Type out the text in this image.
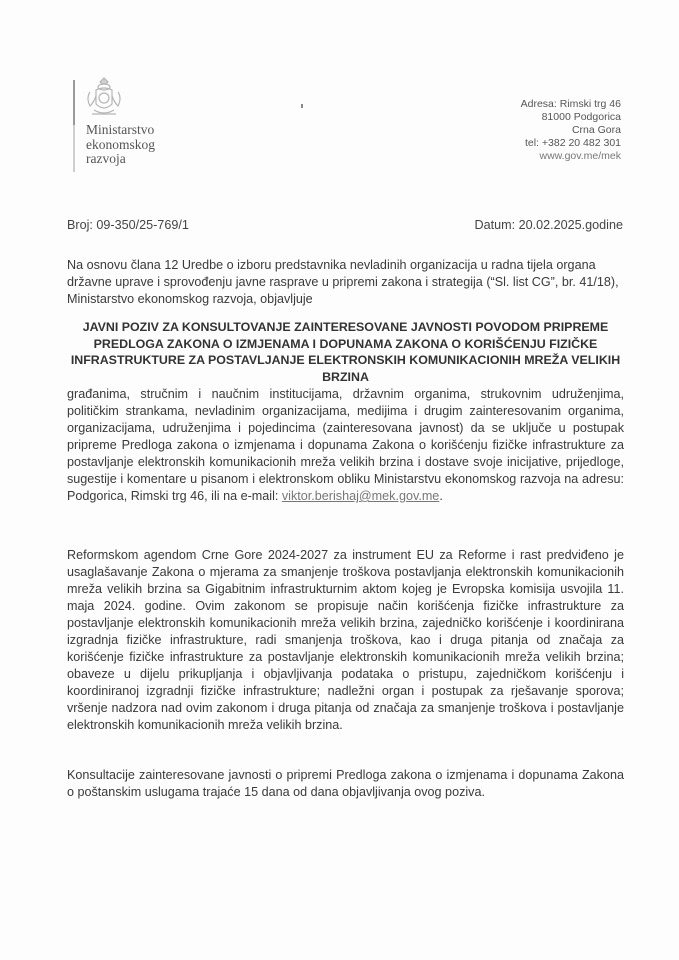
Ministarstvo
ekonomskog
razvoja
Adresa: Rimski trg 46
81000 Podgorica
Crna Gora
tel: +382 20 482 301
www.gov.me/mek
Broj: 09-350/25-769/1	Datum: 20.02.2025.godine
Na osnovu člana 12 Uredbe o izboru predstavnika nevladinih organizacija u radna tijela organa državne uprave i sprovođenju javne rasprave u pripremi zakona i strategija (“Sl. list CG”, br. 41/18), Ministarstvo ekonomskog razvoja, objavljuje
JAVNI POZIV ZA KONSULTOVANJE ZAINTERESOVANE JAVNOSTI POVODOM PRIPREME PREDLOGA ZAKONA O IZMJENAMA I DOPUNAMA ZAKONA O KORIŠĆENJU FIZIČKE INFRASTRUKTURE ZA POSTAVLJANJE ELEKTRONSKIH KOMUNIKACIONIH MREŽA VELIKIH BRZINA
građanima, stručnim i naučnim institucijama, državnim organima, strukovnim udruženjima, političkim strankama, nevladinim organizacijama, medijima i drugim zainteresovanim organima, organizacijama, udruženjima i pojedincima (zainteresovana javnost) da se uključe u postupak pripreme Predloga zakona o izmjenama i dopunama Zakona o korišćenju fizičke infrastrukture za postavljanje elektronskih komunikacionih mreža velikih brzina i dostave svoje inicijative, prijedloge, sugestije i komentare u pisanom i elektronskom obliku Ministarstvu ekonomskog razvoja na adresu: Podgorica, Rimski trg 46, ili na e-mail: viktor.berishaj@mek.gov.me.
Reformskom agendom Crne Gore 2024-2027 za instrument EU za Reforme i rast predviđeno je usaglašavanje Zakona o mjerama za smanjenje troškova postavljanja elektronskih komunikacionih mreža velikih brzina sa Gigabitnim infrastrukturnim aktom kojeg je Evropska komisija usvojila 11. maja 2024. godine. Ovim zakonom se propisuje način korišćenja fizičke infrastrukture za postavljanje elektronskih komunikacionih mreža velikih brzina, zajedničko korišćenje i koordinirana izgradnja fizičke infrastrukture, radi smanjenja troškova, kao i druga pitanja od značaja za korišćenje fizičke infrastrukture za postavljanje elektronskih komunikacionih mreža velikih brzina; obaveze u dijelu prikupljanja i objavljivanja podataka o pristupu, zajedničkom korišćenju i koordiniranoj izgradnji fizičke infrastrukture; nadležni organ i postupak za rješavanje sporova; vršenje nadzora nad ovim zakonom i druga pitanja od značaja za smanjenje troškova i postavljanje elektronskih komunikacionih mreža velikih brzina.
Konsultacije zainteresovane javnosti o pripremi Predloga zakona o izmjenama i dopunama Zakona o poštanskim uslugama trajaće 15 dana od dana objavljivanja ovog poziva.
